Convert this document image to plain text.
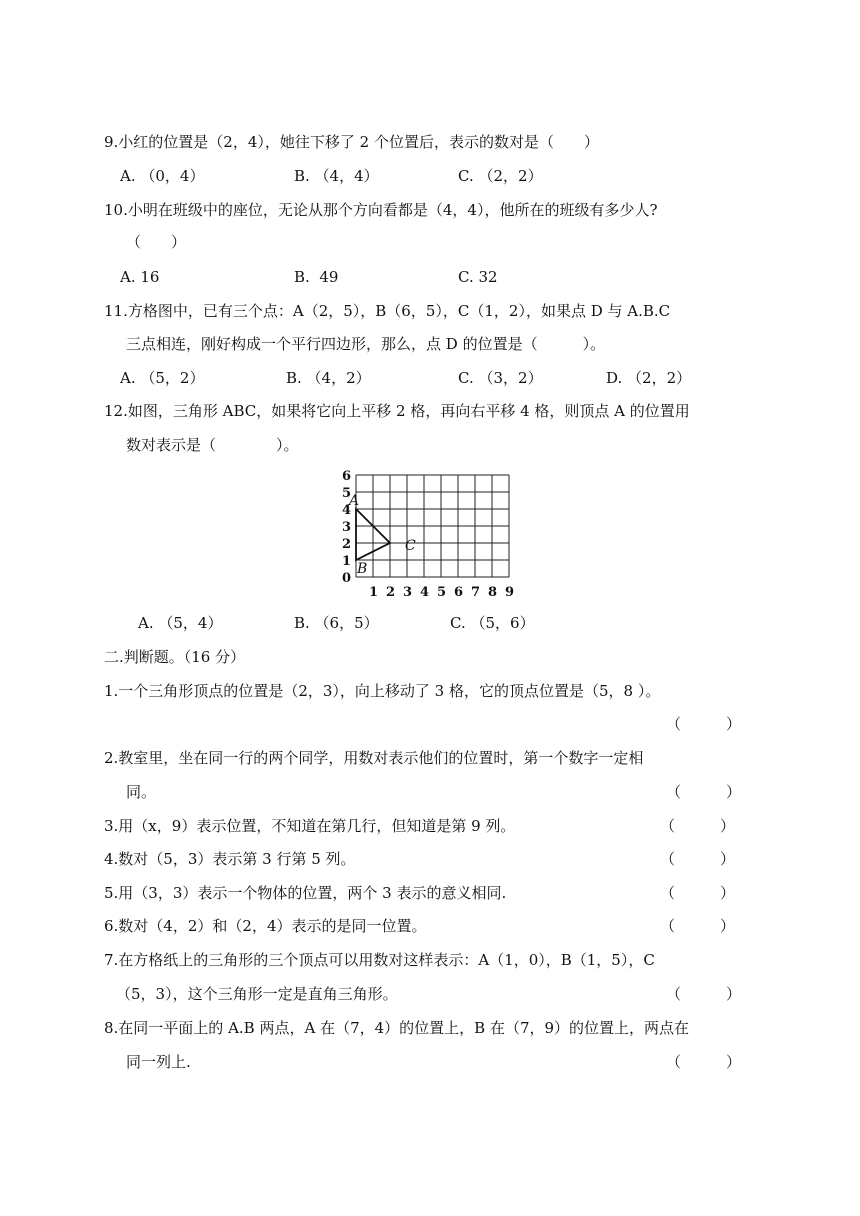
9.小红的位置是（2，4），她往下移了 2 个位置后，表示的数对是（　　）
A. （0，4）	B. （4，4）	C. （2，2）
10.小明在班级中的座位，无论从那个方向看都是（4，4），他所在的班级有多少人?
（　　）
A. 16	B.  49	C. 32
11.方格图中，已有三个点：A（2，5），B（6，5），C（1，2），如果点 D 与 A.B.C
三点相连，刚好构成一个平行四边形，那么，点 D 的位置是（　　　）。
A. （5，2）	B. （4，2）	C. （3，2）	D. （2，2）
12.如图，三角形 ABC，如果将它向上平移 2 格，再向右平移 4 格，则顶点 A 的位置用
数对表示是（　　　　）。
0
1
2
3
4
5
6
1 2 3 4 5 6 7 8 9
A
B
C
A. （5，4）	B. （6，5）	C. （5，6）
二.判断题。（16 分）
1.一个三角形顶点的位置是（2，3），向上移动了 3 格，它的顶点位置是（5，8 ）。
（　　　）
2.教室里，坐在同一行的两个同学，用数对表示他们的位置时，第一个数字一定相
同。	（　　　）
3.用（x，9）表示位置，不知道在第几行，但知道是第 9 列。	（　　　）
4.数对（5，3）表示第 3 行第 5 列。	（　　　）
5.用（3，3）表示一个物体的位置，两个 3 表示的意义相同.	（　　　）
6.数对（4，2）和（2，4）表示的是同一位置。	（　　　）
7.在方格纸上的三角形的三个顶点可以用数对这样表示：A（1，0），B（1，5），C
（5，3），这个三角形一定是直角三角形。	（　　　）
8.在同一平面上的 A.B 两点，A 在（7，4）的位置上，B 在（7，9）的位置上，两点在
同一列上.	（　　　）
